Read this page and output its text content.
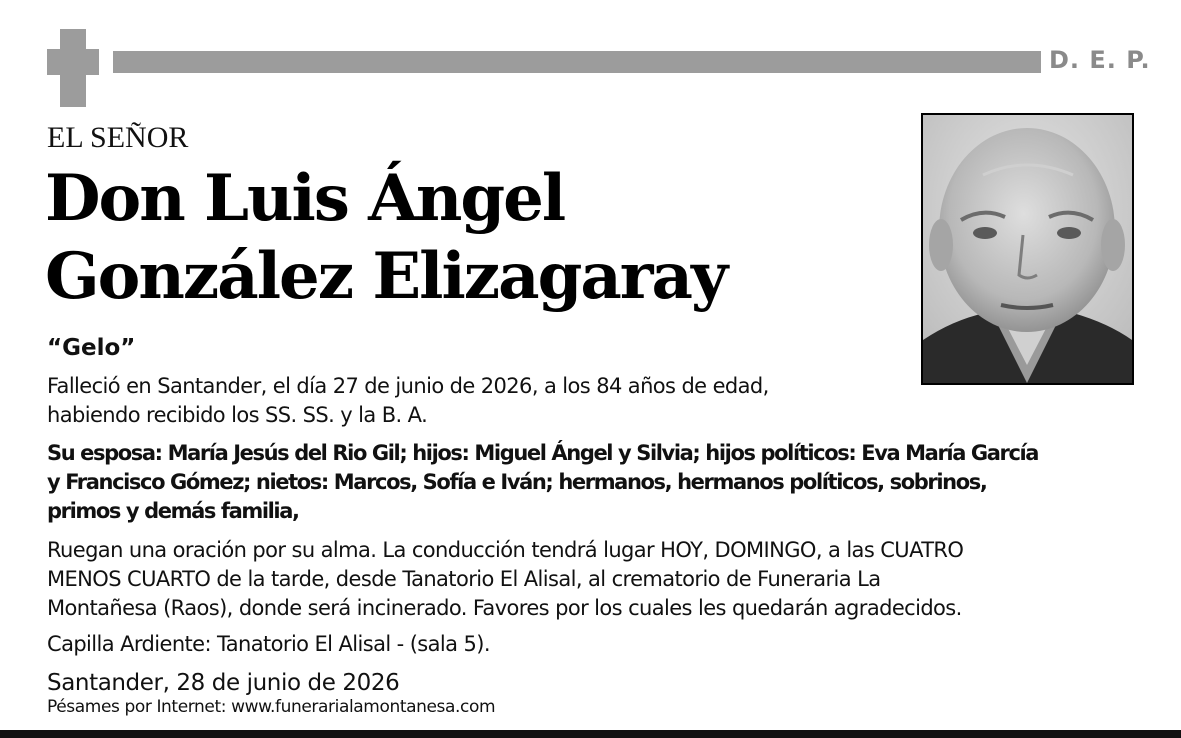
D. E. P.
EL SEÑOR
Don Luis Ángel
González Elizagaray
“Gelo”
Falleció en Santander, el día 27 de junio de 2026, a los 84 años de edad,
habiendo recibido los SS. SS. y la B. A.
Su esposa: María Jesús del Rio Gil; hijos: Miguel Ángel y Silvia; hijos políticos: Eva María García
y Francisco Gómez; nietos: Marcos, Sofía e Iván; hermanos, hermanos políticos, sobrinos,
primos y demás familia,
Ruegan una oración por su alma. La conducción tendrá lugar HOY, DOMINGO, a las CUATRO
MENOS CUARTO de la tarde, desde Tanatorio El Alisal, al crematorio de Funeraria La
Montañesa (Raos), donde será incinerado. Favores por los cuales les quedarán agradecidos.
Capilla Ardiente: Tanatorio El Alisal - (sala 5).
Santander, 28 de junio de 2026
Pésames por Internet: www.funerarialamontanesa.com
